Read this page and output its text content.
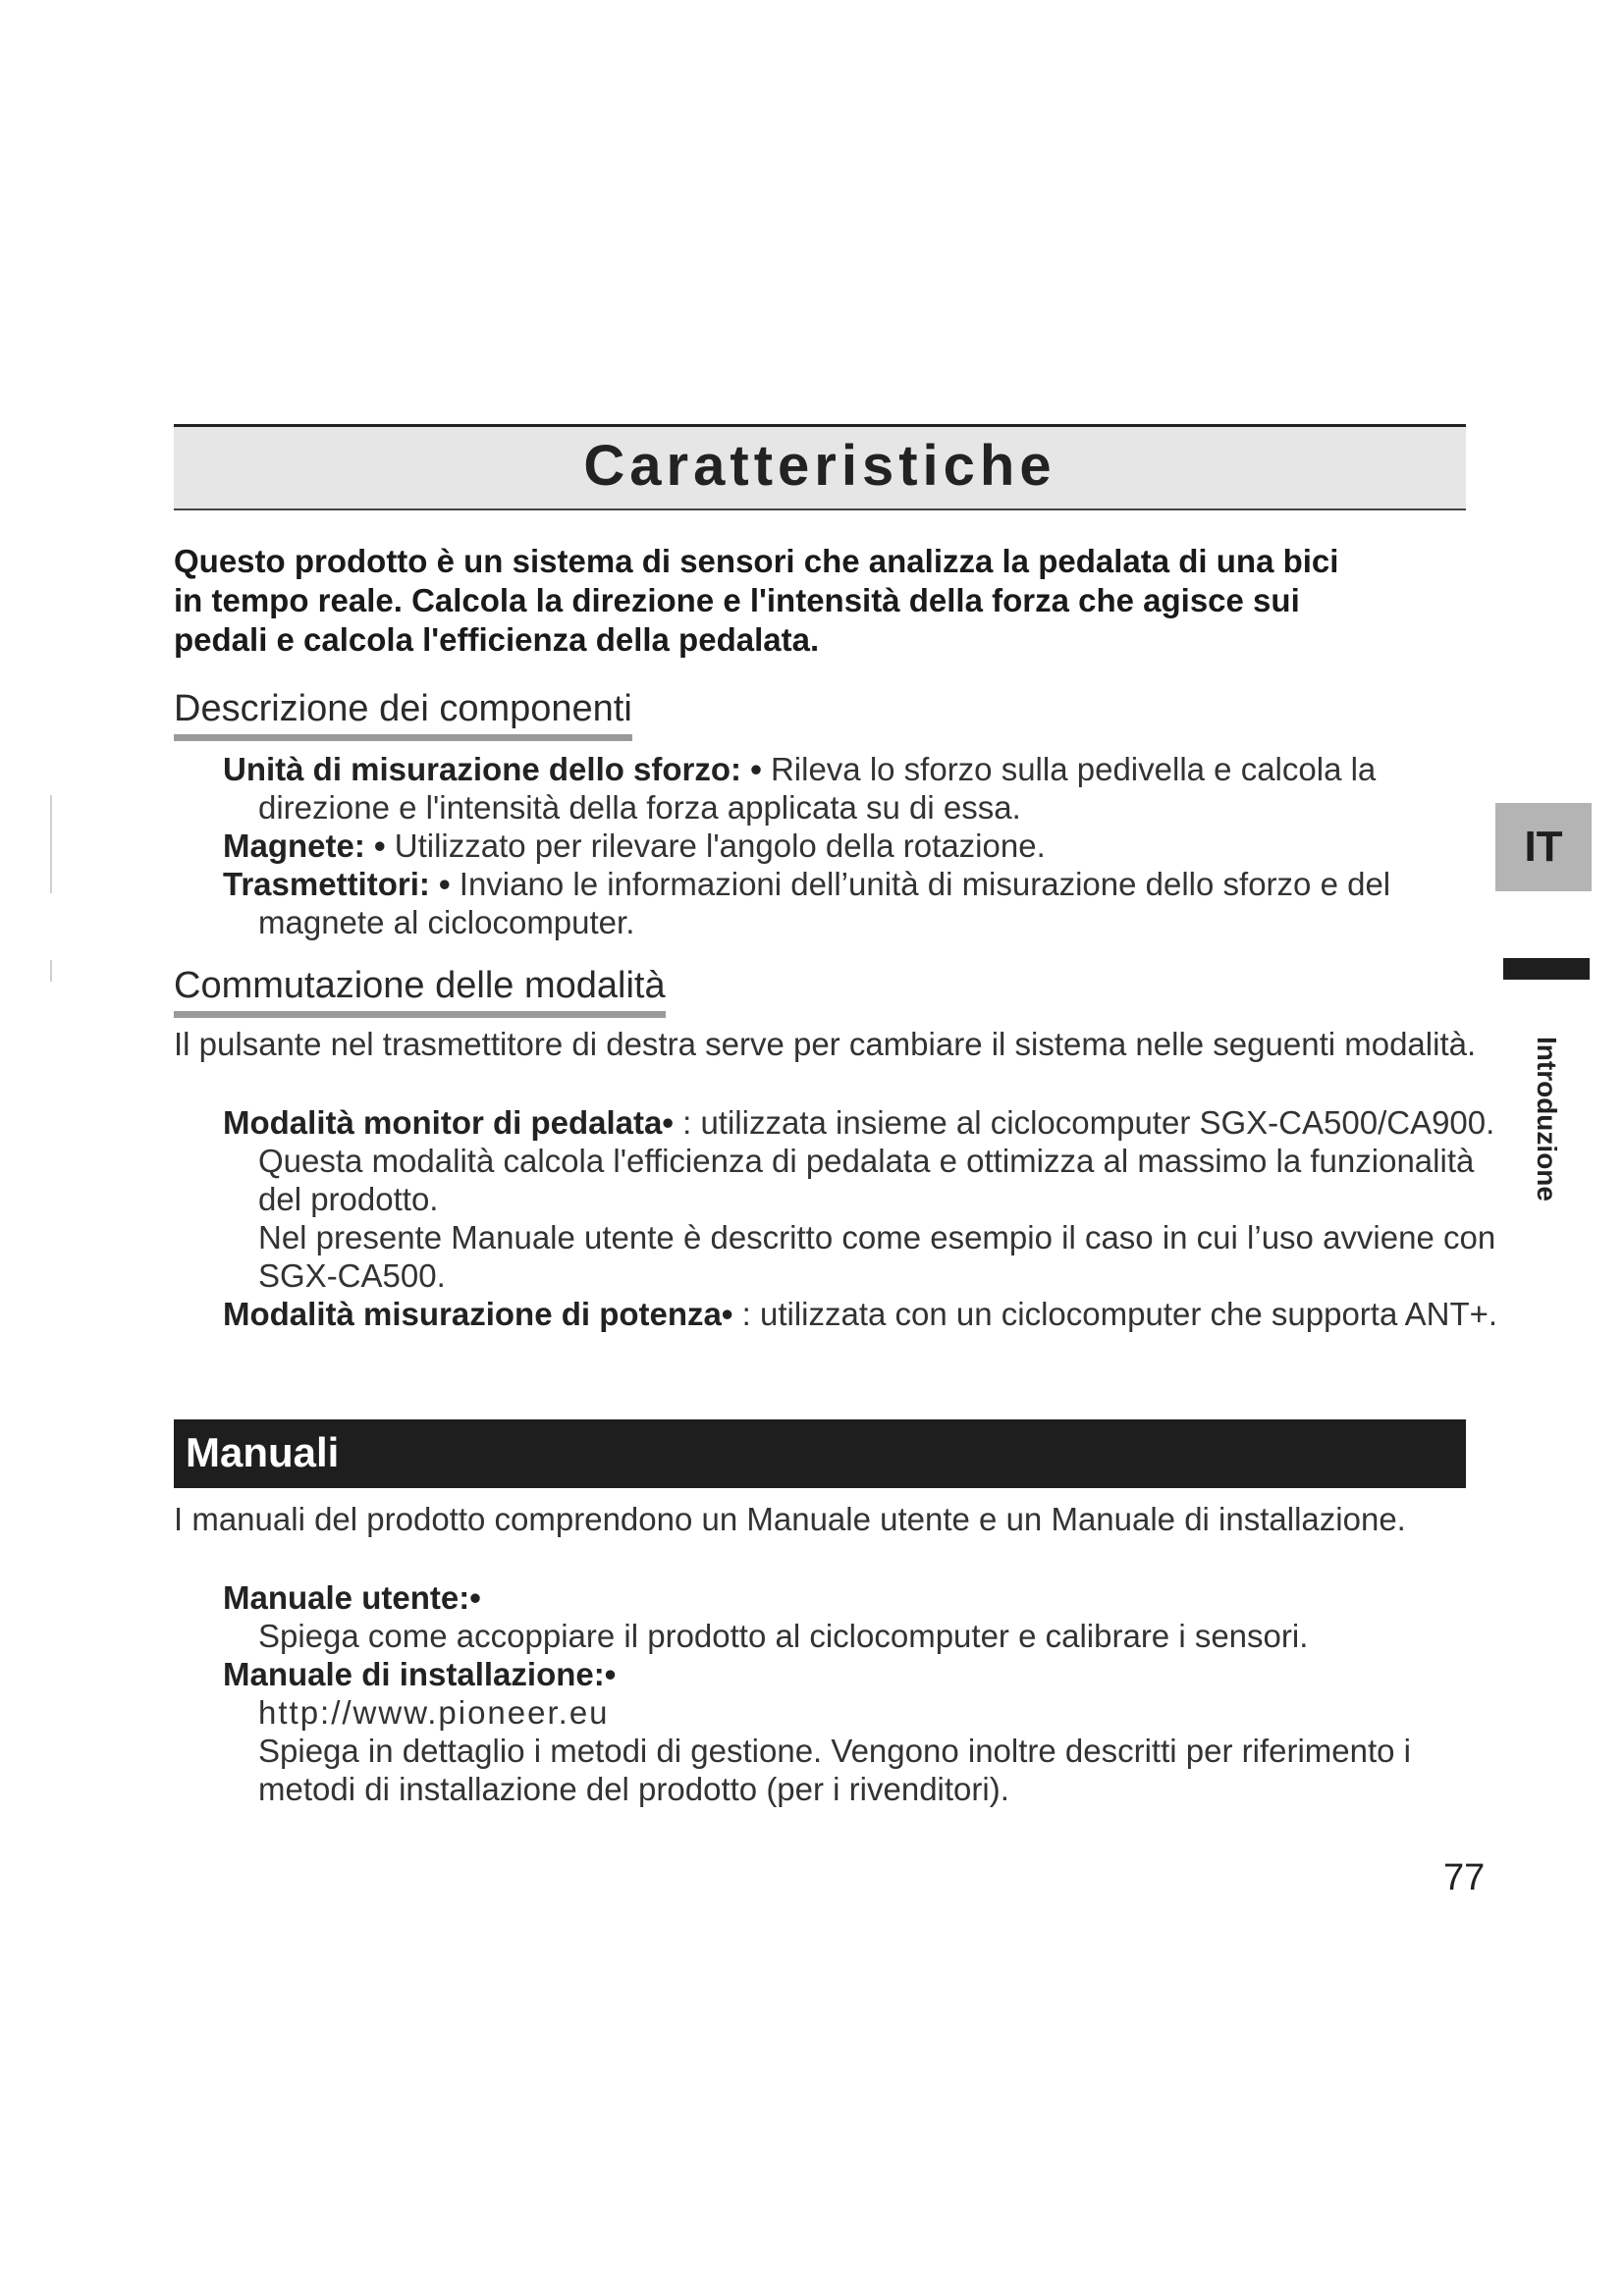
Caratteristiche

Questo prodotto è un sistema di sensori che analizza la pedalata di una bici

in tempo reale. Calcola la direzione e l'intensità della forza che agisce sui

pedali e calcola l'efficienza della pedalata.

Descrizione dei componenti
Unità di misurazione dello sforzo: • Rileva lo sforzo sulla pedivella e calcola la direzione e l'intensità della forza applicata su di essa.
Magnete: • Utilizzato per rilevare l'angolo della rotazione.
Trasmettitori: • Inviano le informazioni dell’unità di misurazione dello sforzo e del magnete al ciclocomputer.
Commutazione delle modalità
Il pulsante nel trasmettitore di destra serve per cambiare il sistema nelle seguenti modalità.
Modalità monitor di pedalata• : utilizzata insieme al ciclocomputer SGX-CA500/CA900. Questa modalità calcola l'efficienza di pedalata e ottimizza al massimo la funzionalità del prodotto.
Nel presente Manuale utente è descritto come esempio il caso in cui l’uso avviene con SGX-CA500.
Modalità misurazione di potenza• : utilizzata con un ciclocomputer che supporta ANT+.
Manuali
I manuali del prodotto comprendono un Manuale utente e un Manuale di installazione.
Manuale utente:•
Spiega come accoppiare il prodotto al ciclocomputer e calibrare i sensori.
Manuale di installazione:•
http://www.pioneer.eu
Spiega in dettaglio i metodi di gestione. Vengono inoltre descritti per riferimento i metodi di installazione del prodotto (per i rivenditori).
IT
Introduzione
77
